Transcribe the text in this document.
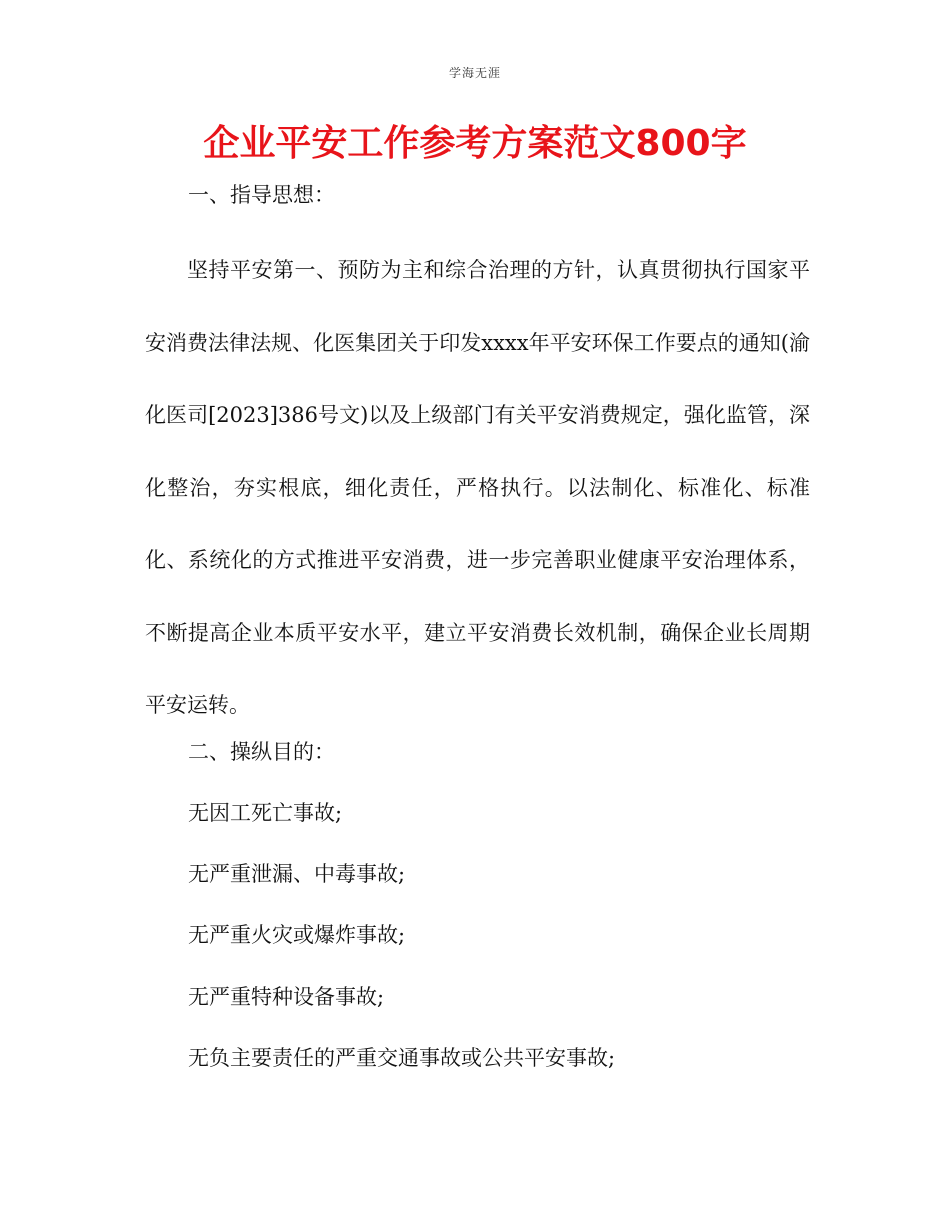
学海无涯
企业平安工作参考方案范文800字
一、指导思想：
坚持平安第一、预防为主和综合治理的方针，认真贯彻执行国家平安消费法律法规、化医集团关于印发xxxx年平安环保工作要点的通知(渝化医司[2023]386号文)以及上级部门有关平安消费规定，强化监管，深化整治，夯实根底，细化责任，严格执行。以法制化、标准化、标准化、系统化的方式推进平安消费，进一步完善职业健康平安治理体系，不断提高企业本质平安水平，建立平安消费长效机制，确保企业长周期平安运转。
二、操纵目的：
无因工死亡事故;
无严重泄漏、中毒事故;
无严重火灾或爆炸事故;
无严重特种设备事故;
无负主要责任的严重交通事故或公共平安事故;
